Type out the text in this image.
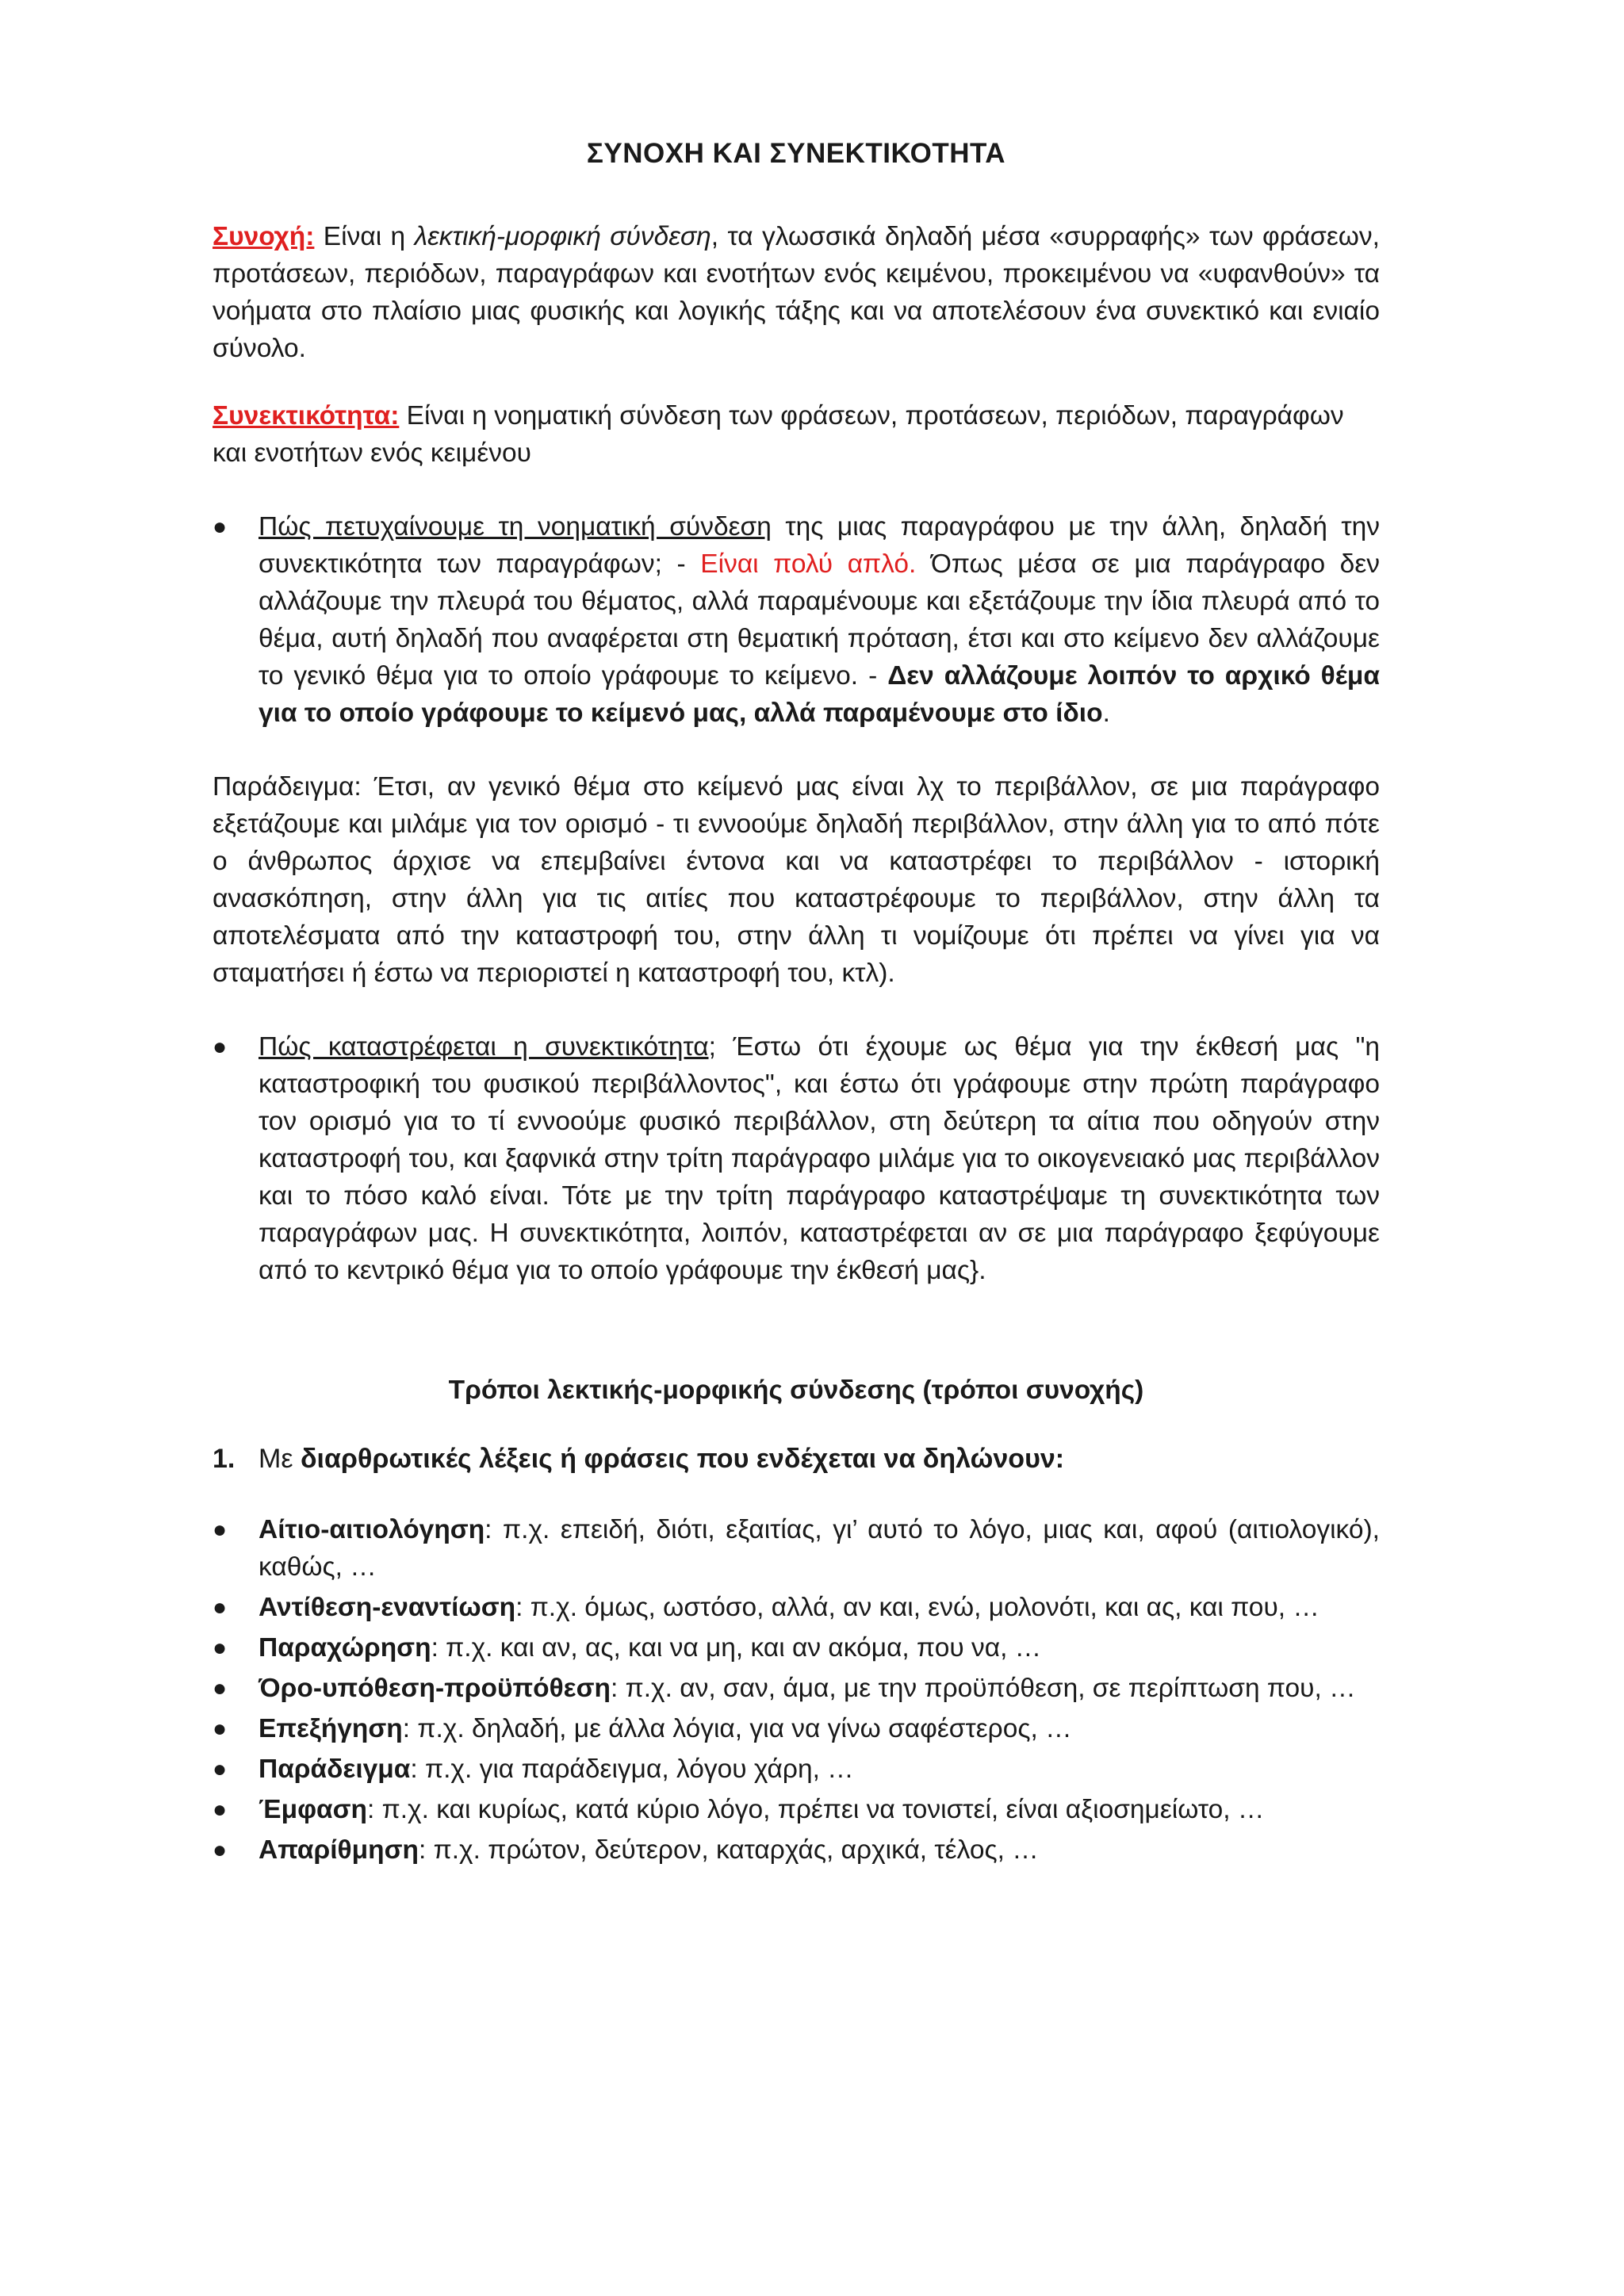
ΣΥΝΟΧΗ ΚΑΙ ΣΥΝΕΚΤΙΚΟΤΗΤΑ

Συνοχή: Είναι η λεκτική-μορφική σύνδεση, τα γλωσσικά δηλαδή μέσα «συρραφής» των φράσεων, προτάσεων, περιόδων, παραγράφων και ενοτήτων ενός κειμένου, προκειμένου να «υφανθούν» τα νοήματα στο πλαίσιο μιας φυσικής και λογικής τάξης και να αποτελέσουν ένα συνεκτικό και ενιαίο σύνολο.

Συνεκτικότητα: Είναι η νοηματική σύνδεση των φράσεων, προτάσεων, περιόδων, παραγράφων και ενοτήτων ενός κειμένου

● Πώς πετυχαίνουμε τη νοηματική σύνδεση της μιας παραγράφου με την άλλη, δηλαδή την συνεκτικότητα των παραγράφων; - Είναι πολύ απλό. Όπως μέσα σε μια παράγραφο δεν αλλάζουμε την πλευρά του θέματος, αλλά παραμένουμε και εξετάζουμε την ίδια πλευρά από το θέμα, αυτή δηλαδή που αναφέρεται στη θεματική πρόταση, έτσι και στο κείμενο δεν αλλάζουμε το γενικό θέμα για το οποίο γράφουμε το κείμενο. - Δεν αλλάζουμε λοιπόν το αρχικό θέμα για το οποίο γράφουμε το κείμενό μας, αλλά παραμένουμε στο ίδιο.

Παράδειγμα: Έτσι, αν γενικό θέμα στο κείμενό μας είναι λχ το περιβάλλον, σε μια παράγραφο εξετάζουμε και μιλάμε για τον ορισμό - τι εννοούμε δηλαδή περιβάλλον, στην άλλη για το από πότε ο άνθρωπος άρχισε να επεμβαίνει έντονα και να καταστρέφει το περιβάλλον - ιστορική ανασκόπηση, στην άλλη για τις αιτίες που καταστρέφουμε το περιβάλλον, στην άλλη τα αποτελέσματα από την καταστροφή του, στην άλλη τι νομίζουμε ότι πρέπει να γίνει για να σταματήσει ή έστω να περιοριστεί η καταστροφή του, κτλ).

● Πώς καταστρέφεται η συνεκτικότητα; Έστω ότι έχουμε ως θέμα για την έκθεσή μας "η καταστροφική του φυσικού περιβάλλοντος", και έστω ότι γράφουμε στην πρώτη παράγραφο τον ορισμό για το τί εννοούμε φυσικό περιβάλλον, στη δεύτερη τα αίτια που οδηγούν στην καταστροφή του, και ξαφνικά στην τρίτη παράγραφο μιλάμε για το οικογενειακό μας περιβάλλον και το πόσο καλό είναι. Τότε με την τρίτη παράγραφο καταστρέψαμε τη συνεκτικότητα των παραγράφων μας. Η συνεκτικότητα, λοιπόν, καταστρέφεται αν σε μια παράγραφο ξεφύγουμε από το κεντρικό θέμα για το οποίο γράφουμε την έκθεσή μας}.
Τρόποι λεκτικής-μορφικής σύνδεσης (τρόποι συνοχής)
1. Με διαρθρωτικές λέξεις ή φράσεις που ενδέχεται να δηλώνουν:
● Αίτιο-αιτιολόγηση: π.χ. επειδή, διότι, εξαιτίας, γι’ αυτό το λόγο, μιας και, αφού (αιτιολογικό), καθώς, …
● Αντίθεση-εναντίωση: π.χ. όμως, ωστόσο, αλλά, αν και, ενώ, μολονότι, και ας, και που, …
● Παραχώρηση: π.χ. και αν, ας, και να μη, και αν ακόμα, που να, …
● Όρο-υπόθεση-προϋπόθεση: π.χ. αν, σαν, άμα, με την προϋπόθεση, σε περίπτωση που, …
● Επεξήγηση: π.χ. δηλαδή, με άλλα λόγια, για να γίνω σαφέστερος, …
● Παράδειγμα: π.χ. για παράδειγμα, λόγου χάρη, …
● Έμφαση: π.χ. και κυρίως, κατά κύριο λόγο, πρέπει να τονιστεί, είναι αξιοσημείωτο, …
● Απαρίθμηση: π.χ. πρώτον, δεύτερον, καταρχάς, αρχικά, τέλος, …
